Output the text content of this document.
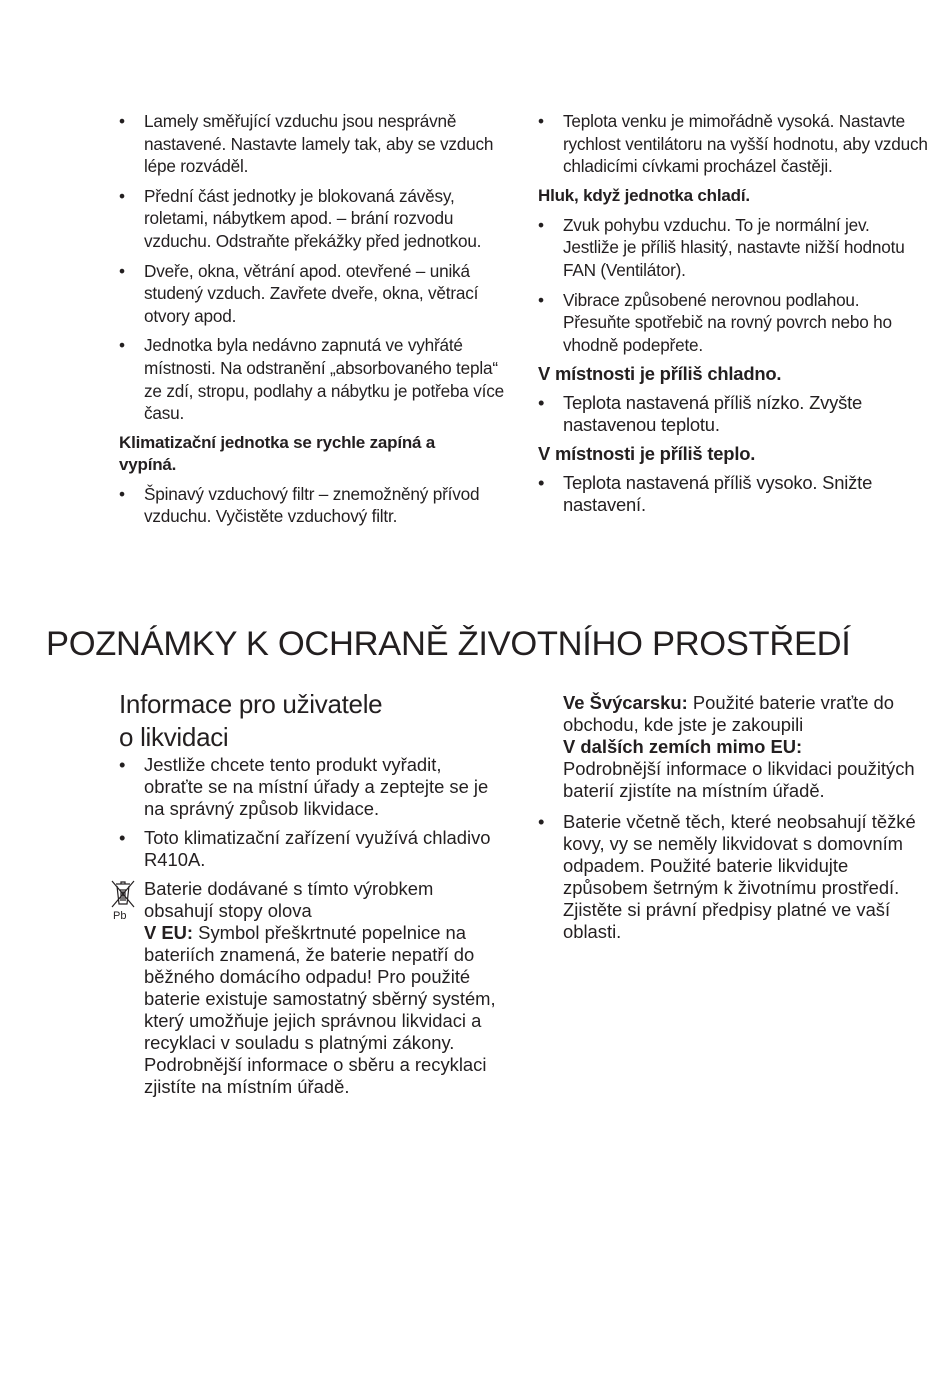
• Lamely směřující vzduchu jsou nesprávně nastavené. Nastavte lamely tak, aby se vzduch lépe rozváděl.
• Přední část jednotky je blokovaná závěsy, roletami, nábytkem apod. – brání rozvodu vzduchu. Odstraňte překážky před jednotkou.
• Dveře, okna, větrání apod. otevřené – uniká studený vzduch. Zavřete dveře, okna, větrací otvory apod.
• Jednotka byla nedávno zapnutá ve vyhřáté místnosti. Na odstranění „absorbovaného tepla“ ze zdí, stropu, podlahy a nábytku je potřeba více času.
Klimatizační jednotka se rychle zapíná a vypíná.
• Špinavý vzduchový filtr – znemožněný přívod vzduchu. Vyčistěte vzduchový filtr.
• Teplota venku je mimořádně vysoká. Nastavte rychlost ventilátoru na vyšší hodnotu, aby vzduch chladicími cívkami procházel častěji.
Hluk, když jednotka chladí.
• Zvuk pohybu vzduchu. To je normální jev. Jestliže je příliš hlasitý, nastavte nižší hodnotu FAN (Ventilátor).
• Vibrace způsobené nerovnou podlahou. Přesuňte spotřebič na rovný povrch nebo ho vhodně podepřete.
V místnosti je příliš chladno.
• Teplota nastavená příliš nízko. Zvyšte nastavenou teplotu.
V místnosti je příliš teplo.
• Teplota nastavená příliš vysoko. Snižte nastavení.
POZNÁMKY K OCHRANĚ ŽIVOTNÍHO PROSTŘEDÍ
Informace pro uživatele
o likvidaci
• Jestliže chcete tento produkt vyřadit, obraťte se na místní úřady a zeptejte se je na správný způsob likvidace.
• Toto klimatizační zařízení využívá chladivo R410A.
Pb
Baterie dodávané s tímto výrobkem obsahují stopy olova
V EU: Symbol přeškrtnuté popelnice na bateriích znamená, že baterie nepatří do běžného domácího odpadu! Pro použité baterie existuje samostatný sběrný systém, který umožňuje jejich správnou likvidaci a recyklaci v souladu s platnými zákony. Podrobnější informace o sběru a recyklaci zjistíte na místním úřadě.
Ve Švýcarsku: Použité baterie vraťte do obchodu, kde jste je zakoupili
V dalších zemích mimo EU:
Podrobnější informace o likvidaci použitých baterií zjistíte na místním úřadě.
• Baterie včetně těch, které neobsahují těžké kovy, vy se neměly likvidovat s domovním odpadem. Použité baterie likvidujte způsobem šetrným k životnímu prostředí. Zjistěte si právní předpisy platné ve vaší oblasti.
